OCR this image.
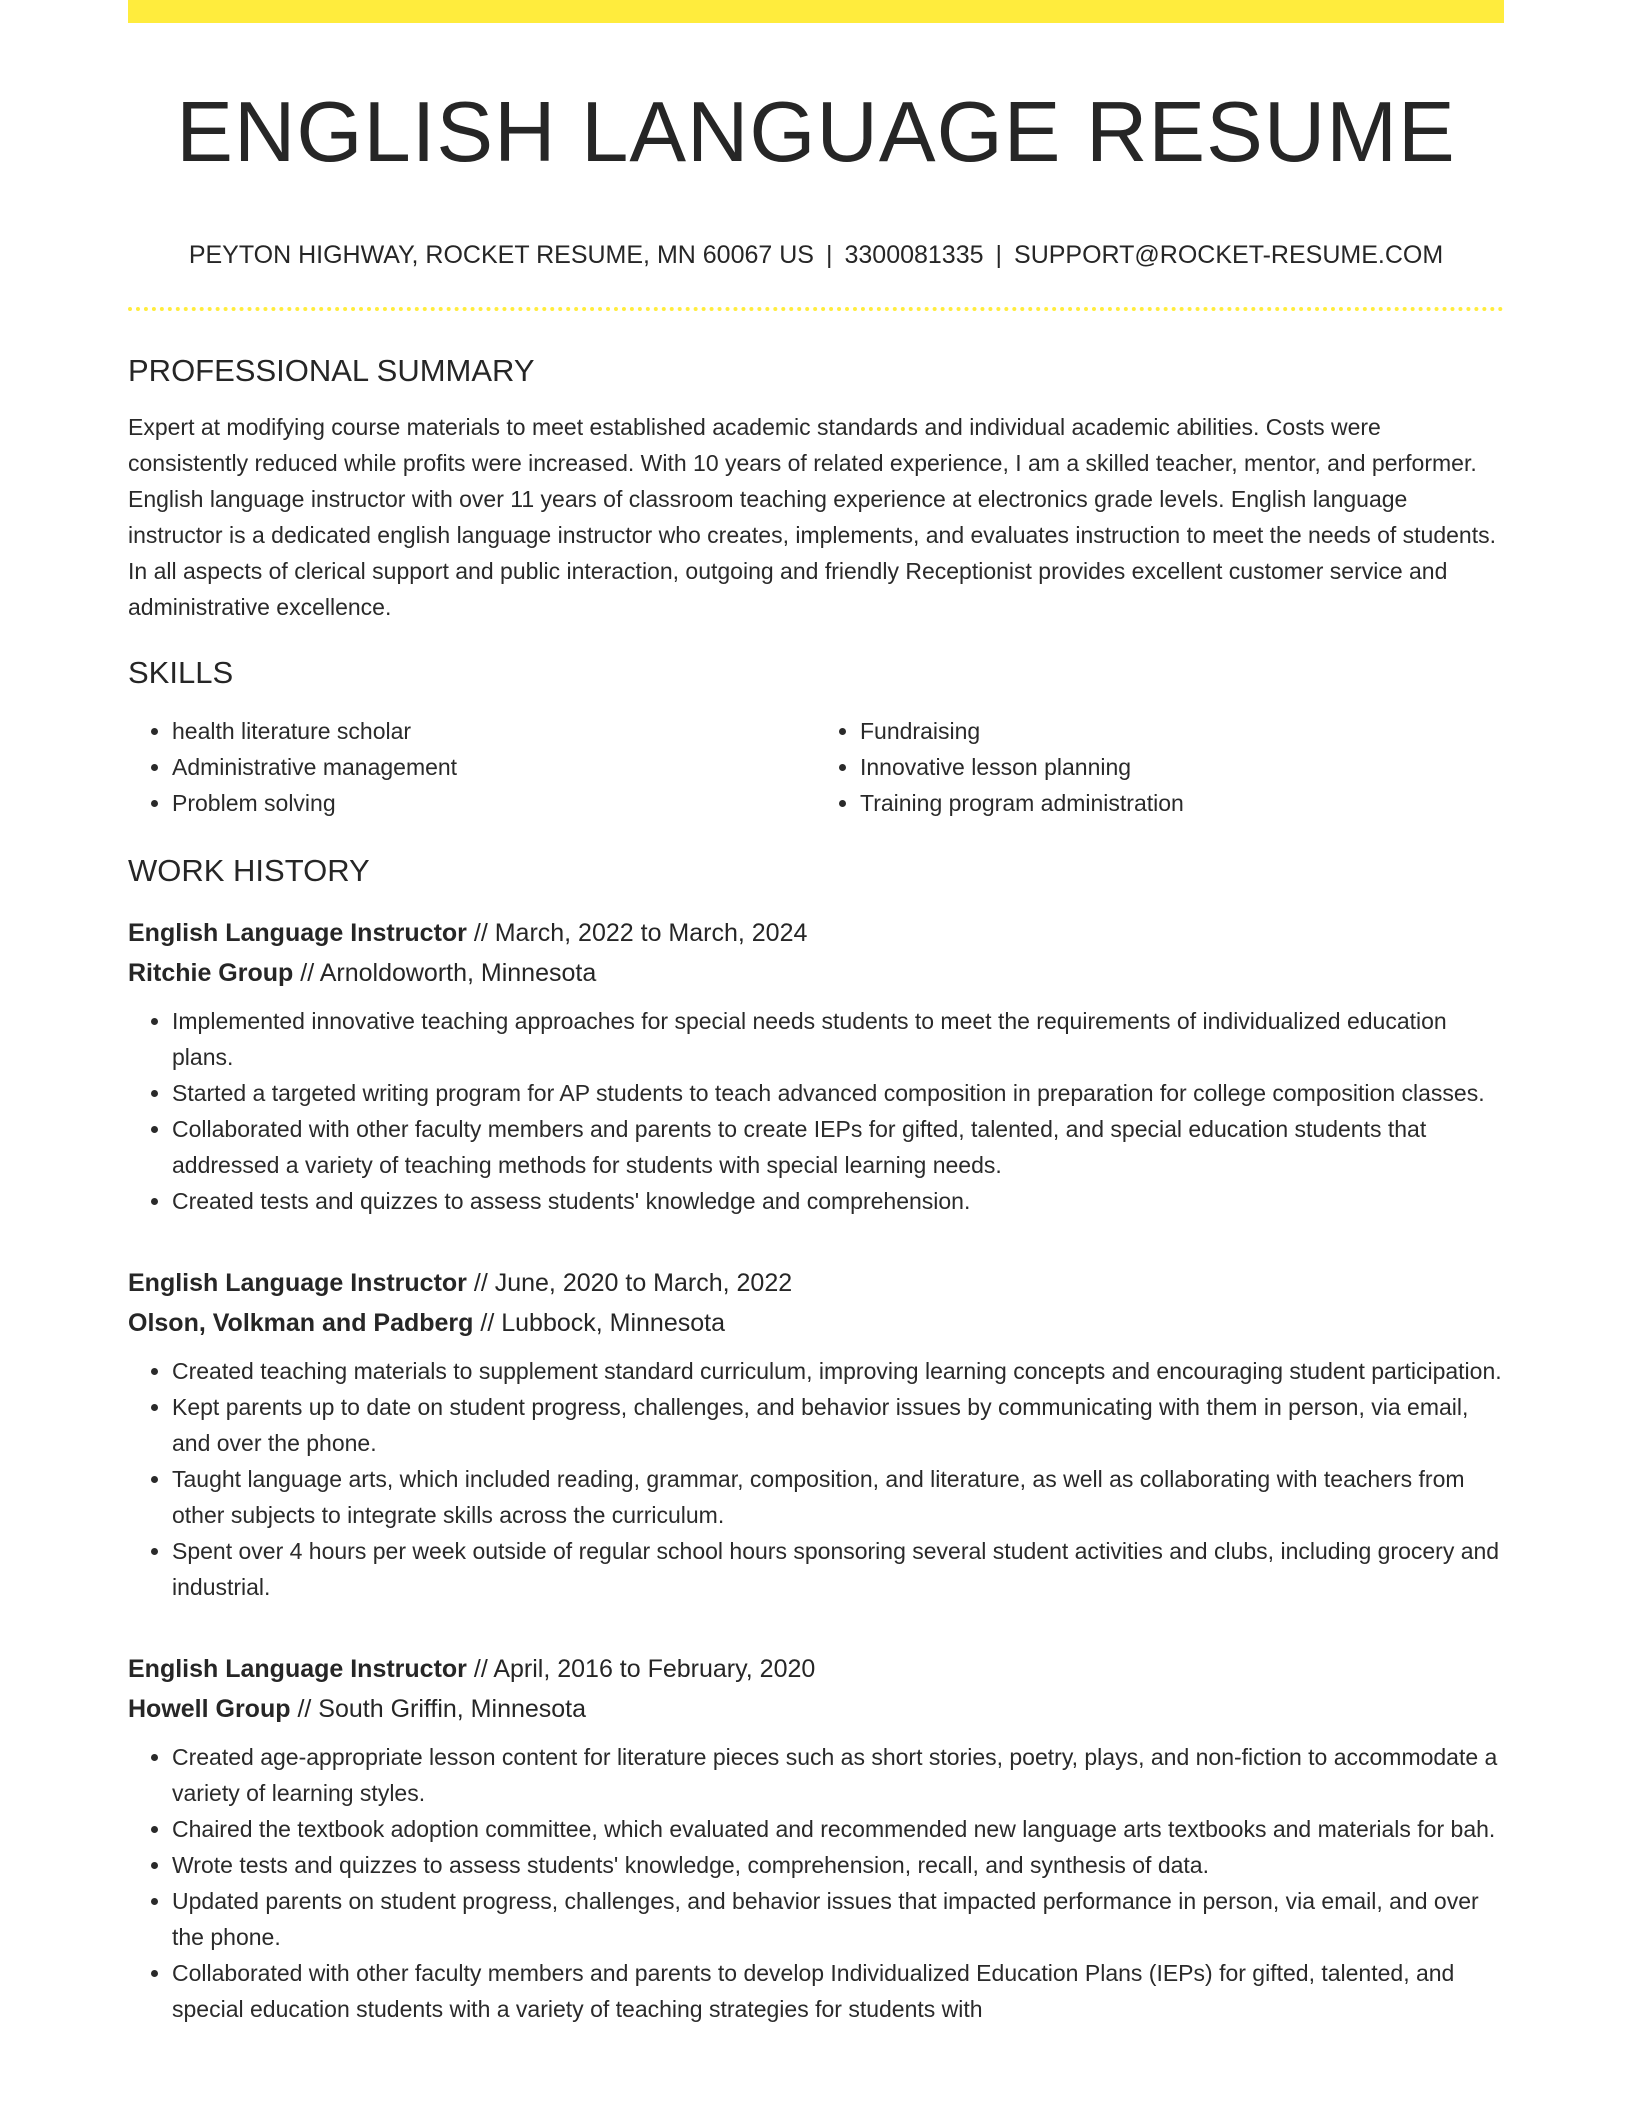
ENGLISH LANGUAGE RESUME
PEYTON HIGHWAY, ROCKET RESUME, MN 60067 US | 3300081335 | SUPPORT@ROCKET-RESUME.COM
PROFESSIONAL SUMMARY
Expert at modifying course materials to meet established academic standards and individual academic abilities. Costs were consistently reduced while profits were increased. With 10 years of related experience, I am a skilled teacher, mentor, and performer. English language instructor with over 11 years of classroom teaching experience at electronics grade levels. English language instructor is a dedicated english language instructor who creates, implements, and evaluates instruction to meet the needs of students. In all aspects of clerical support and public interaction, outgoing and friendly Receptionist provides excellent customer service and administrative excellence.
SKILLS
• health literature scholar
• Administrative management
• Problem solving
• Fundraising
• Innovative lesson planning
• Training program administration
WORK HISTORY
English Language Instructor // March, 2022 to March, 2024
Ritchie Group // Arnoldoworth, Minnesota
• Implemented innovative teaching approaches for special needs students to meet the requirements of individualized education plans.
• Started a targeted writing program for AP students to teach advanced composition in preparation for college composition classes.
• Collaborated with other faculty members and parents to create IEPs for gifted, talented, and special education students that addressed a variety of teaching methods for students with special learning needs.
• Created tests and quizzes to assess students' knowledge and comprehension.
English Language Instructor // June, 2020 to March, 2022
Olson, Volkman and Padberg // Lubbock, Minnesota
• Created teaching materials to supplement standard curriculum, improving learning concepts and encouraging student participation.
• Kept parents up to date on student progress, challenges, and behavior issues by communicating with them in person, via email, and over the phone.
• Taught language arts, which included reading, grammar, composition, and literature, as well as collaborating with teachers from other subjects to integrate skills across the curriculum.
• Spent over 4 hours per week outside of regular school hours sponsoring several student activities and clubs, including grocery and industrial.
English Language Instructor // April, 2016 to February, 2020
Howell Group // South Griffin, Minnesota
• Created age-appropriate lesson content for literature pieces such as short stories, poetry, plays, and non-fiction to accommodate a variety of learning styles.
• Chaired the textbook adoption committee, which evaluated and recommended new language arts textbooks and materials for bah.
• Wrote tests and quizzes to assess students' knowledge, comprehension, recall, and synthesis of data.
• Updated parents on student progress, challenges, and behavior issues that impacted performance in person, via email, and over the phone.
• Collaborated with other faculty members and parents to develop Individualized Education Plans (IEPs) for gifted, talented, and special education students with a variety of teaching strategies for students with
